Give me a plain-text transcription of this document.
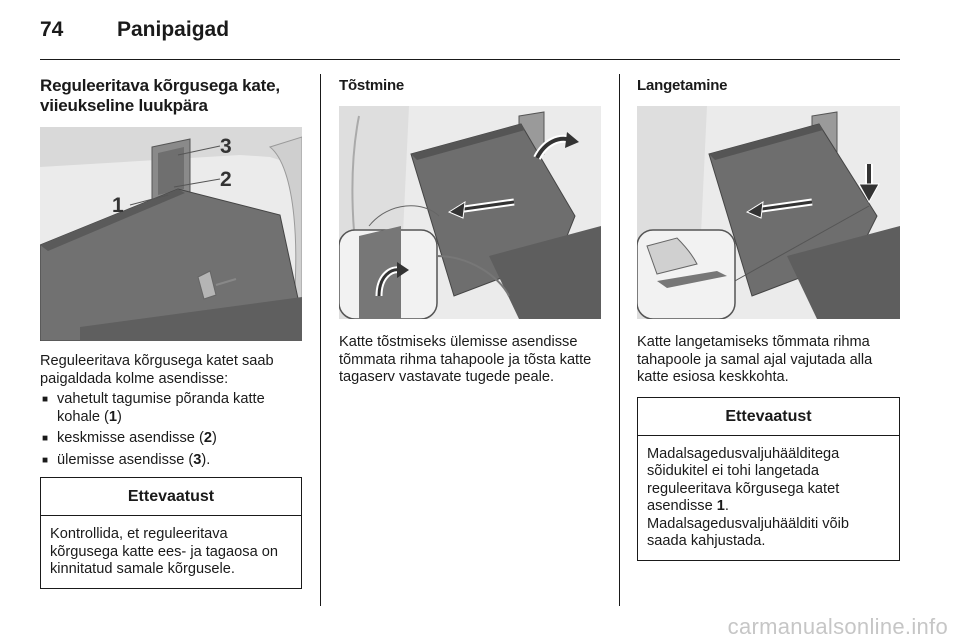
74	Panipaigad
Reguleeritava kõrgusega kate, viieukseline luukpära
3
2
1

Reguleeritava kõrgusega katet saab paigaldada kolme asendisse:

■ vahetult tagumise põranda katte kohale (1)
■ keskmisse asendisse (2)
■ ülemisse asendisse (3).
Ettevaatust
Kontrollida, et reguleeritava kõrgusega katte ees- ja tagaosa on kinnitatud samale kõrgusele.
Tõstmine

Katte tõstmiseks ülemisse asendisse tõmmata rihma tahapoole ja tõsta katte tagaserv vastavate tugede peale.

Langetamine

Katte langetamiseks tõmmata rihma tahapoole ja samal ajal vajutada alla katte esiosa keskkohta.

Ettevaatust
Madalsagedusvaljuhäälditega sõidukitel ei tohi langetada reguleeritava kõrgusega katet asendisse 1.
Madalsagedusvaljuhäälditi võib saada kahjustada.
carmanualsonline.info
